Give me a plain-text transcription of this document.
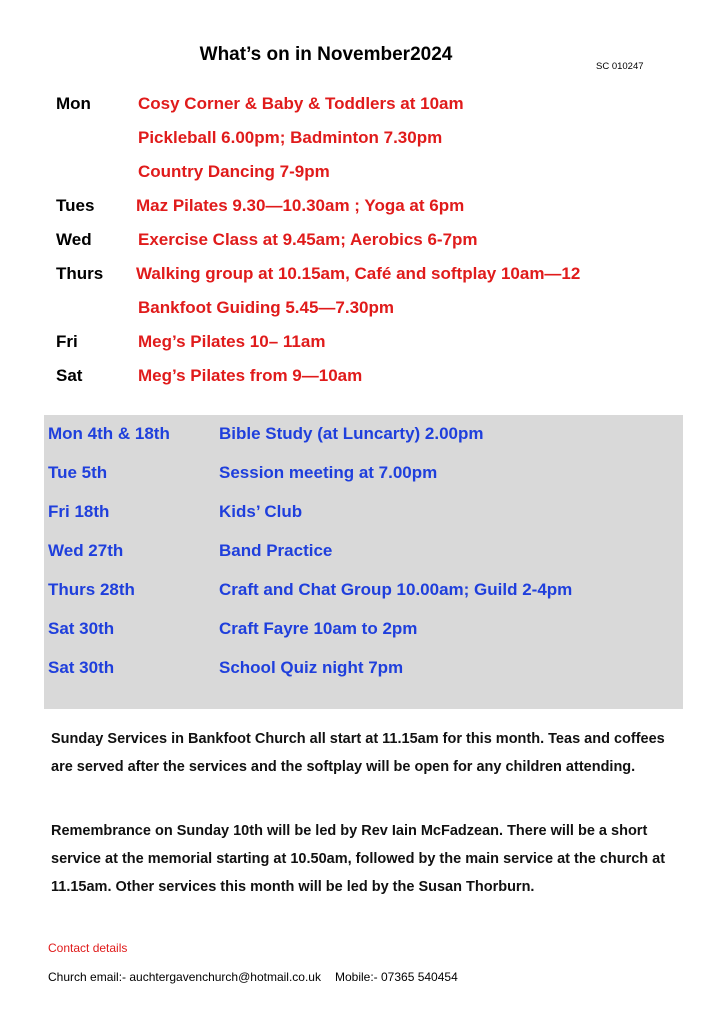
What’s on in November2024
SC 010247
Mon	Cosy Corner & Baby & Toddlers at 10am
Pickleball 6.00pm; Badminton 7.30pm
Country Dancing 7-9pm
Tues Maz Pilates 9.30—10.30am ; Yoga at 6pm
Wed	Exercise Class at 9.45am; Aerobics 6-7pm
Thurs Walking group at 10.15am, Café and softplay 10am—12
Bankfoot Guiding 5.45—7.30pm
Fri	Meg’s Pilates 10– 11am
Sat	Meg’s Pilates from 9—10am
Mon 4th & 18th	Bible Study (at Luncarty) 2.00pm
Tue 5th	Session meeting at 7.00pm
Fri 18th	Kids’ Club
Wed 27th	Band Practice
Thurs 28th	Craft and Chat Group 10.00am; Guild 2-4pm
Sat 30th	Craft Fayre 10am to 2pm
Sat 30th	School Quiz night 7pm
Sunday Services in Bankfoot Church all start at 11.15am for this month. Teas and coffees are served after the services and the softplay will be open for any children attending.
Remembrance on Sunday 10th will be led by Rev Iain McFadzean. There will be a short service at the memorial starting at 10.50am, followed by the main service at the church at 11.15am. Other services this month will be led by the Susan Thorburn.
Contact details
Church email:- auchtergavenchurch@hotmail.co.uk Mobile:- 07365 540454
